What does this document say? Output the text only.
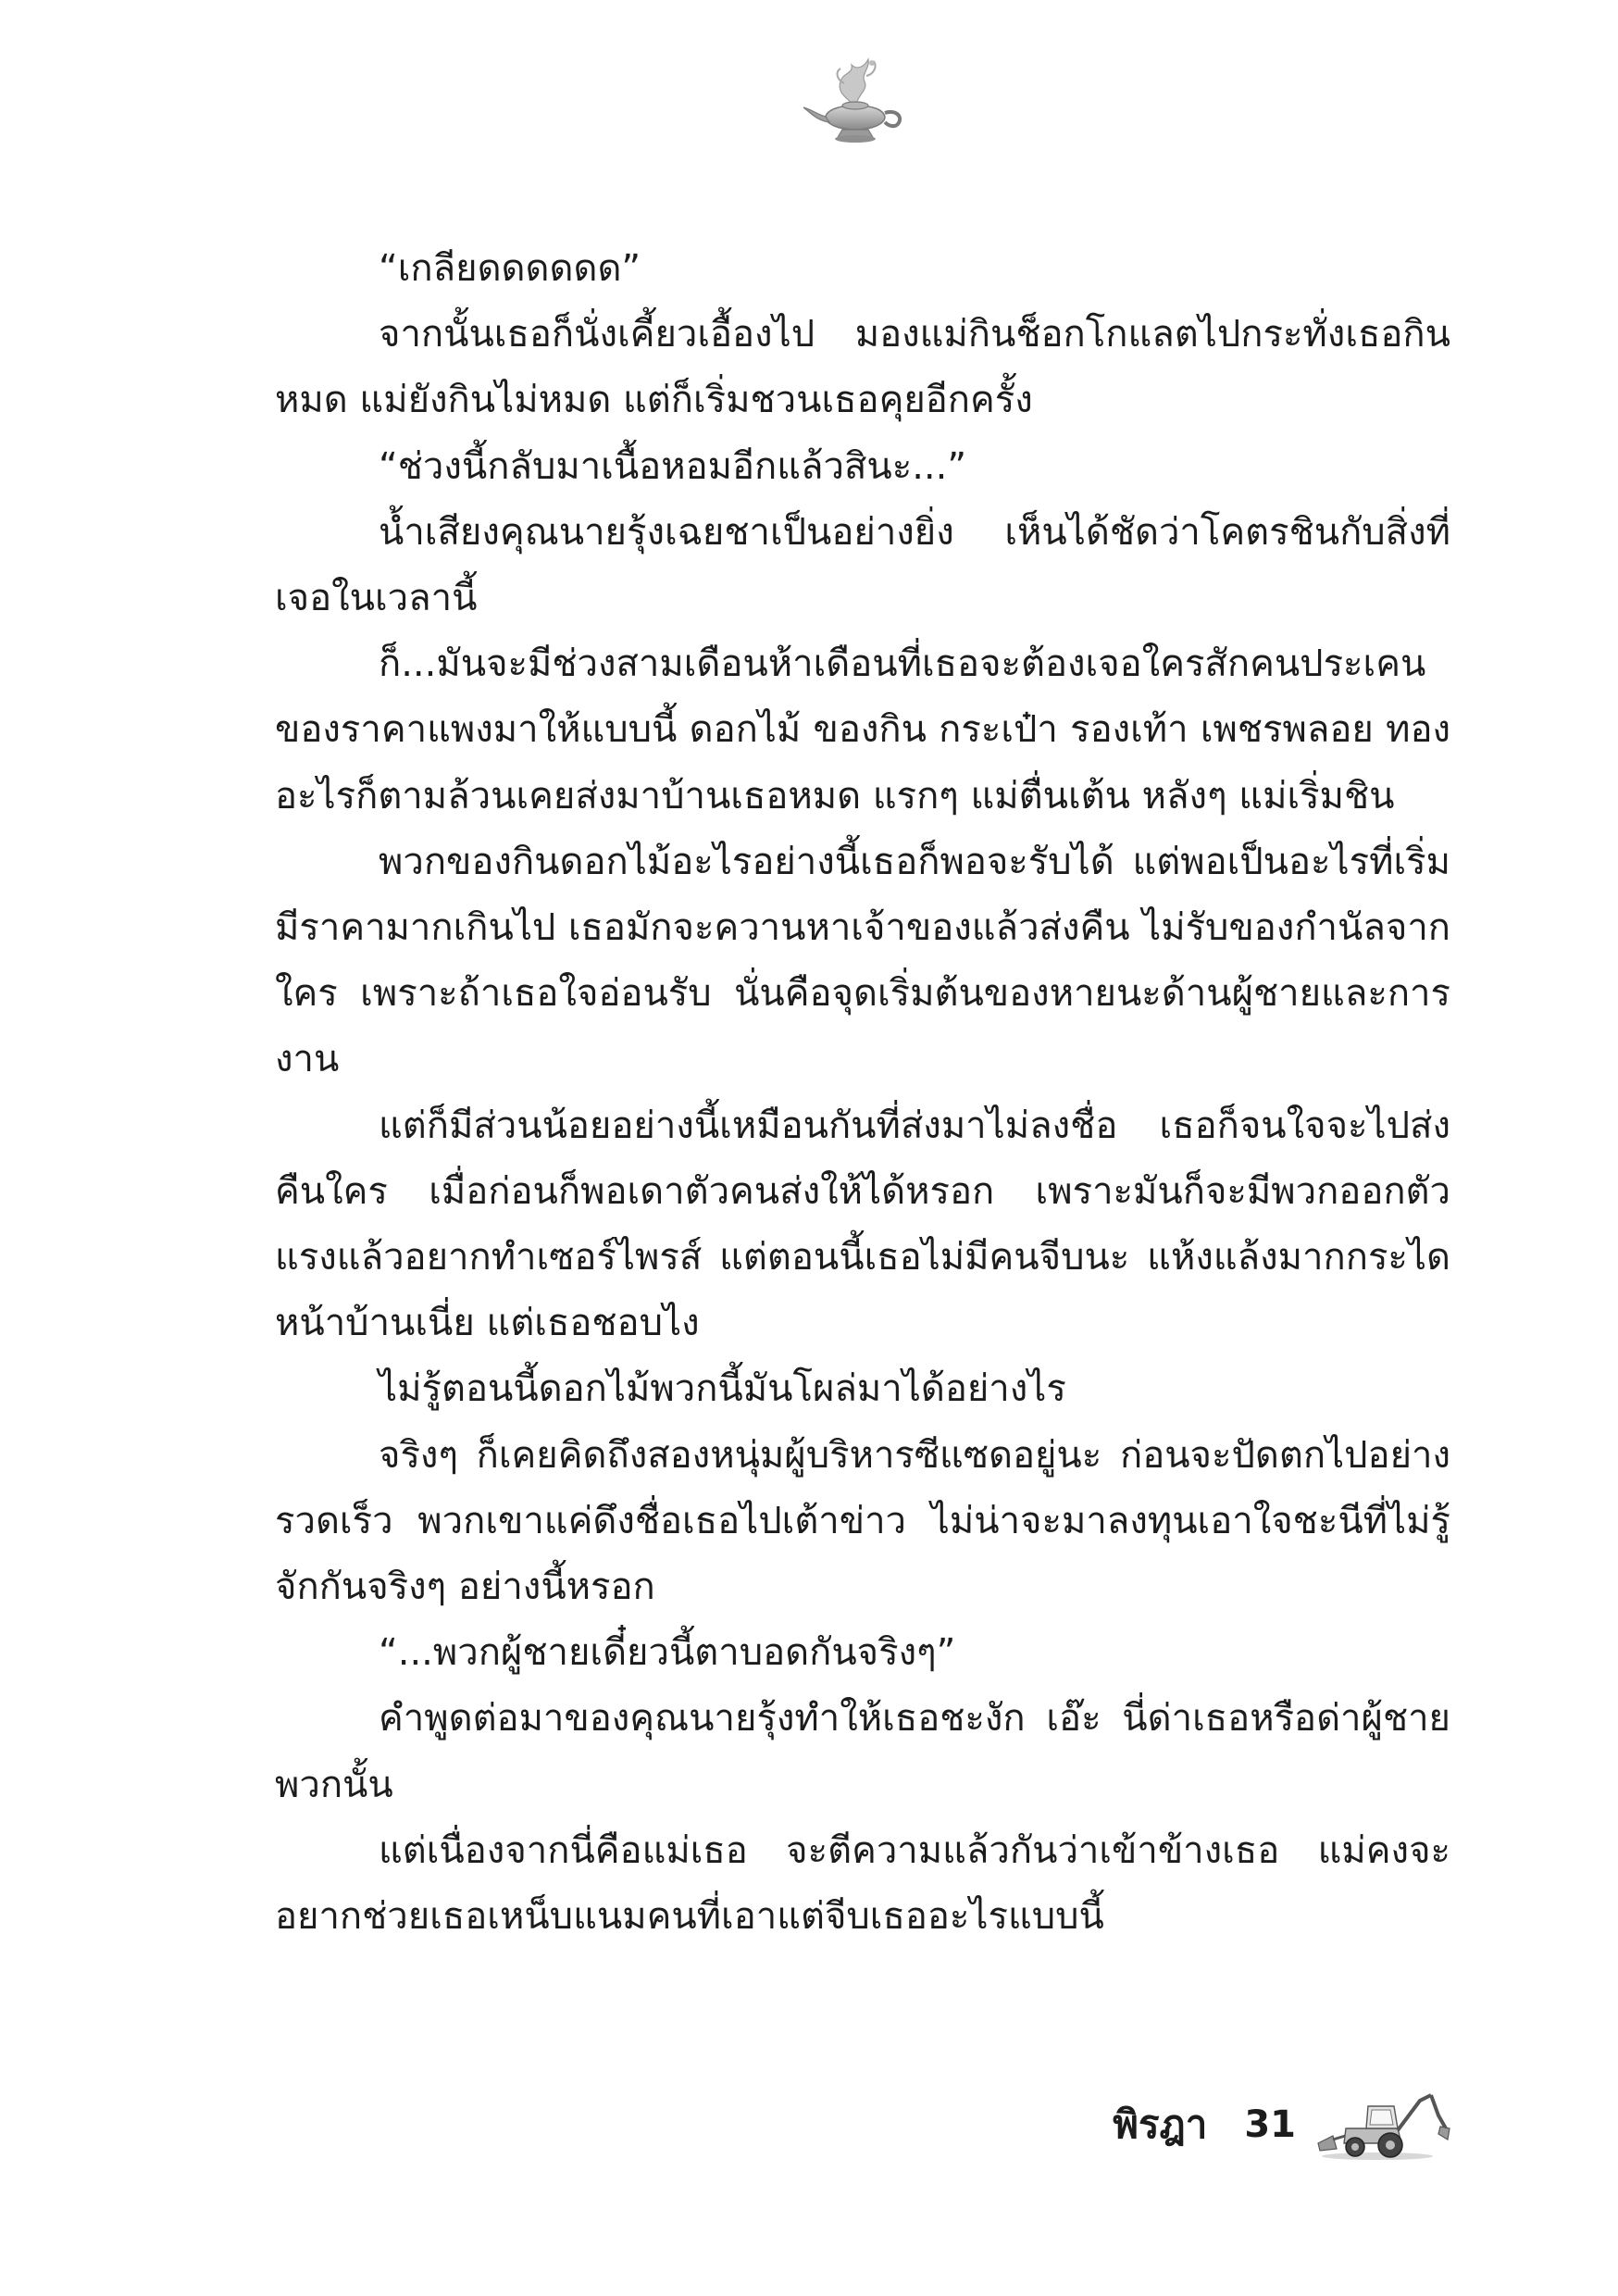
“เกลียดดดดดด”

จากนั้นเธอก็นั่งเคี้ยวเอื้องไป มองแม่กินช็อกโกแลตไปกระทั่งเธอกินหมด แม่ยังกินไม่หมด แต่ก็เริ่มชวนเธอคุยอีกครั้ง

“ช่วงนี้กลับมาเนื้อหอมอีกแล้วสินะ...”

น้ำเสียงคุณนายรุ้งเฉยชาเป็นอย่างยิ่ง เห็นได้ชัดว่าโคตรชินกับสิ่งที่เจอในเวลานี้

ก็...มันจะมีช่วงสามเดือนห้าเดือนที่เธอจะต้องเจอใครสักคนประเคนของราคาแพงมาให้แบบนี้ ดอกไม้ ของกิน กระเป๋า รองเท้า เพชรพลอย ทองอะไรก็ตามล้วนเคยส่งมาบ้านเธอหมด แรกๆ แม่ตื่นเต้น หลังๆ แม่เริ่มชิน

พวกของกินดอกไม้อะไรอย่างนี้เธอก็พอจะรับได้ แต่พอเป็นอะไรที่เริ่มมีราคามากเกินไป เธอมักจะควานหาเจ้าของแล้วส่งคืน ไม่รับของกำนัลจากใคร เพราะถ้าเธอใจอ่อนรับ นั่นคือจุดเริ่มต้นของหายนะด้านผู้ชายและการงาน

แต่ก็มีส่วนน้อยอย่างนี้เหมือนกันที่ส่งมาไม่ลงชื่อ เธอก็จนใจจะไปส่งคืนใคร เมื่อก่อนก็พอเดาตัวคนส่งให้ได้หรอก เพราะมันก็จะมีพวกออกตัวแรงแล้วอยากทำเซอร์ไพรส์ แต่ตอนนี้เธอไม่มีคนจีบนะ แห้งแล้งมากกระไดหน้าบ้านเนี่ย แต่เธอชอบไง

ไม่รู้ตอนนี้ดอกไม้พวกนี้มันโผล่มาได้อย่างไร

จริงๆ ก็เคยคิดถึงสองหนุ่มผู้บริหารซีแซดอยู่นะ ก่อนจะปัดตกไปอย่างรวดเร็ว พวกเขาแค่ดึงชื่อเธอไปเต้าข่าว ไม่น่าจะมาลงทุนเอาใจชะนีที่ไม่รู้จักกันจริงๆ อย่างนี้หรอก

“...พวกผู้ชายเดี๋ยวนี้ตาบอดกันจริงๆ”

คำพูดต่อมาของคุณนายรุ้งทำให้เธอชะงัก เอ๊ะ นี่ด่าเธอหรือด่าผู้ชายพวกนั้น

แต่เนื่องจากนี่คือแม่เธอ จะตีความแล้วกันว่าเข้าข้างเธอ แม่คงจะอยากช่วยเธอเหน็บแนมคนที่เอาแต่จีบเธออะไรแบบนี้

พิรฎา 31
